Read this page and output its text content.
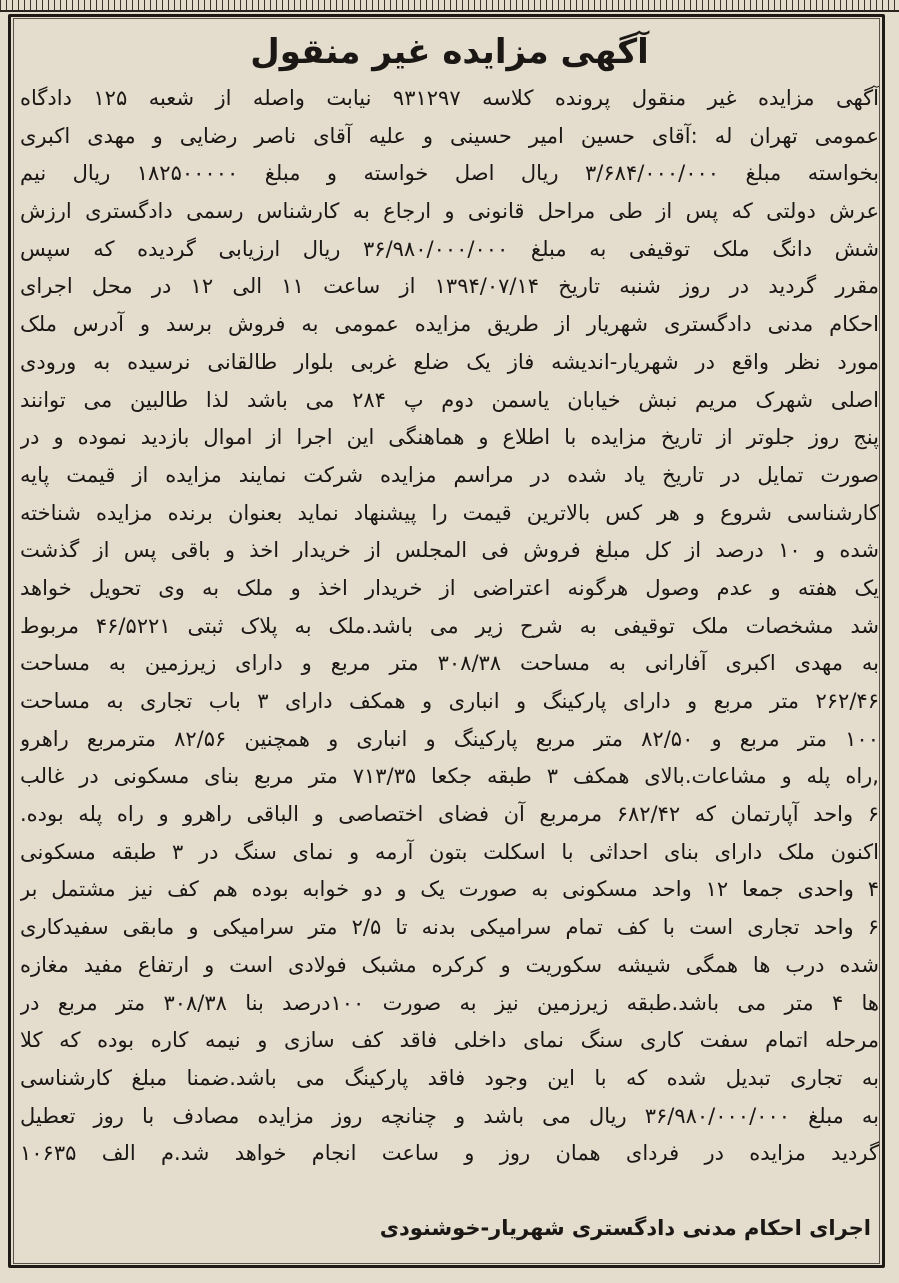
آگهی مزایده غیر منقول
آگهی مزایده غیر منقول پرونده کلاسه ۹۳۱۲۹۷ نیابت واصله از شعبه ۱۲۵ دادگاه
عمومی تهران له :آقای حسین امیر حسینی و علیه آقای ناصر رضایی و مهدی اکبری
بخواسته مبلغ ۳/۶۸۴/۰۰۰/۰۰۰ ریال اصل خواسته و مبلغ ۱۸۲۵۰۰۰۰۰ ریال نیم
عرش دولتی که پس از طی مراحل قانونی و ارجاع به کارشناس رسمی دادگستری ارزش
شش دانگ ملک توقیفی به مبلغ ۳۶/۹۸۰/۰۰۰/۰۰۰ ریال ارزیابی گردیده که سپس
مقرر گردید در روز شنبه تاریخ ۱۳۹۴/۰۷/۱۴ از ساعت ۱۱ الی ۱۲ در محل اجرای
احکام مدنی دادگستری شهریار از طریق مزایده عمومی به فروش برسد و آدرس ملک
مورد نظر واقع در شهریار-اندیشه فاز یک ضلع غربی بلوار طالقانی نرسیده به ورودی
اصلی شهرک مریم نبش خیابان یاسمن دوم پ ۲۸۴ می باشد لذا طالبین می توانند
پنج روز جلوتر از تاریخ مزایده با اطلاع و هماهنگی این اجرا از اموال بازدید نموده و در
صورت تمایل در تاریخ یاد شده در مراسم مزایده شرکت نمایند مزایده از قیمت پایه
کارشناسی شروع و هر کس بالاترین قیمت را پیشنهاد نماید بعنوان برنده مزایده شناخته
شده و ۱۰ درصد از کل مبلغ فروش فی المجلس از خریدار اخذ و باقی پس از گذشت
یک هفته و عدم وصول هرگونه اعتراضی از خریدار اخذ و ملک به وی تحویل خواهد
شد مشخصات ملک توقیفی به شرح زیر می باشد.ملک به پلاک ثبتی ۴۶/۵۲۲۱ مربوط
به مهدی اکبری آفارانی به مساحت ۳۰۸/۳۸ متر مربع و دارای زیرزمین به مساحت
۲۶۲/۴۶ متر مربع و دارای پارکینگ و انباری و همکف دارای ۳ باب تجاری به مساحت
۱۰۰ متر مربع و ۸۲/۵۰ متر مربع پارکینگ و انباری و همچنین ۸۲/۵۶ مترمربع راهرو
,راه پله و مشاعات.بالای همکف ۳ طبقه جکعا ۷۱۳/۳۵ متر مربع بنای مسکونی در غالب
۶ واحد آپارتمان که ۶۸۲/۴۲ مرمربع آن فضای اختصاصی و الباقی راهرو و راه پله بوده.
اکنون ملک دارای بنای احداثی با اسکلت بتون آرمه و نمای سنگ در ۳ طبقه مسکونی
۴ واحدی جمعا ۱۲ واحد مسکونی به صورت یک و دو خوابه بوده هم کف نیز مشتمل بر
۶ واحد تجاری است با کف تمام سرامیکی بدنه تا ۲/۵ متر سرامیکی و مابقی سفیدکاری
شده درب ها همگی شیشه سکوریت و کرکره مشبک فولادی است و ارتفاع مفید مغازه
ها ۴ متر می باشد.طبقه زیرزمین نیز به صورت ۱۰۰درصد بنا ۳۰۸/۳۸ متر مربع در
مرحله اتمام سفت کاری سنگ نمای داخلی فاقد کف سازی و نیمه کاره بوده که کلا
به تجاری تبدیل شده که با این وجود فاقد پارکینگ می باشد.ضمنا مبلغ کارشناسی
به مبلغ ۳۶/۹۸۰/۰۰۰/۰۰۰ ریال می باشد و چنانچه روز مزایده مصادف با روز تعطیل
گردید مزایده در فردای همان روز و ساعت انجام خواهد شد.م الف ۱۰۶۳۵
اجرای احکام مدنی دادگستری شهریار-خوشنودی
